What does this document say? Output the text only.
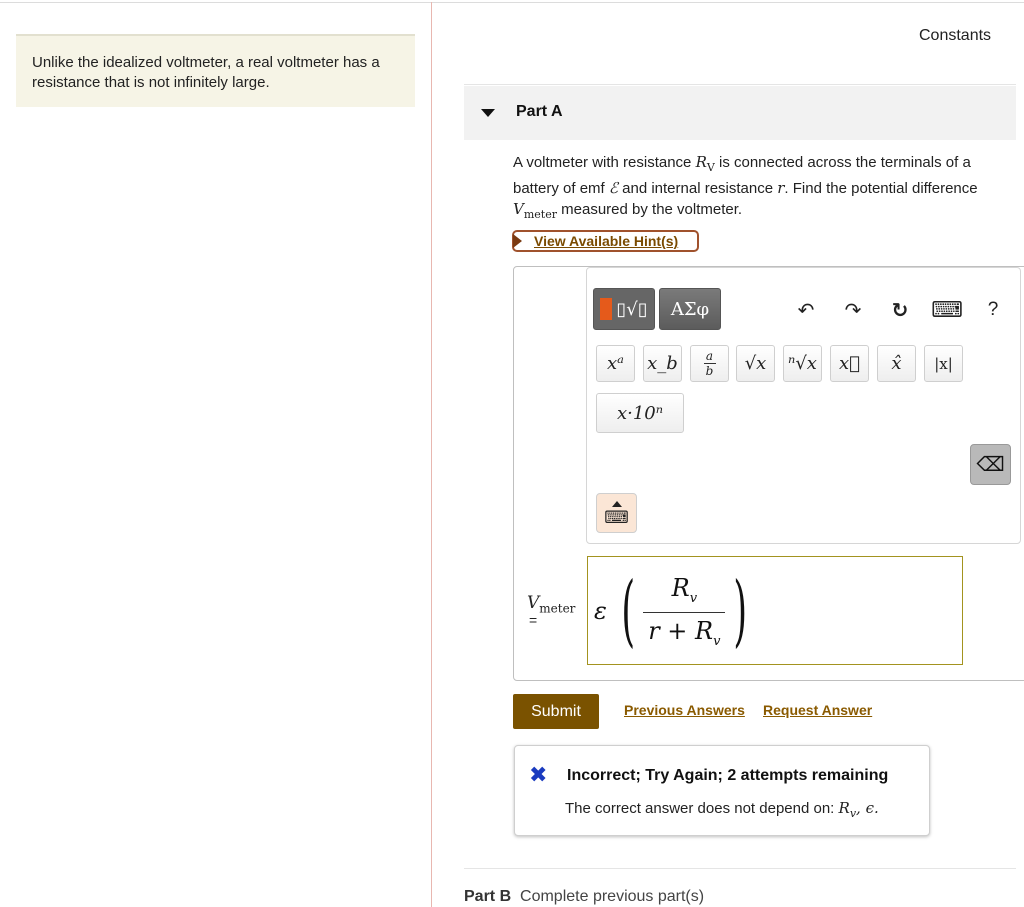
Unlike the idealized voltmeter, a real voltmeter has a resistance that is not infinitely large.
Constants
Part A
A voltmeter with resistance $R_V$ is connected across the terminals of a battery of emf ℰ and internal resistance r. Find the potential difference $V_{meter}$ measured by the voltmeter.
View Available Hint(s)
▯√▯	ΑΣφ	↶ ↷ ↻ ⌨	?
xᵃ	x_b	a
b	√x	ⁿ√x	x⃗	x̂	|x|
x·10ⁿ
⌫
⌨
$V_{meter}$
= ε ( $\frac{R_v}{r + R_v}$ )
Submit	Previous Answers Request Answer
✖ Incorrect; Try Again; 2 attempts remaining
The correct answer does not depend on: $R_v$, ϵ.
Part B Complete previous part(s)
